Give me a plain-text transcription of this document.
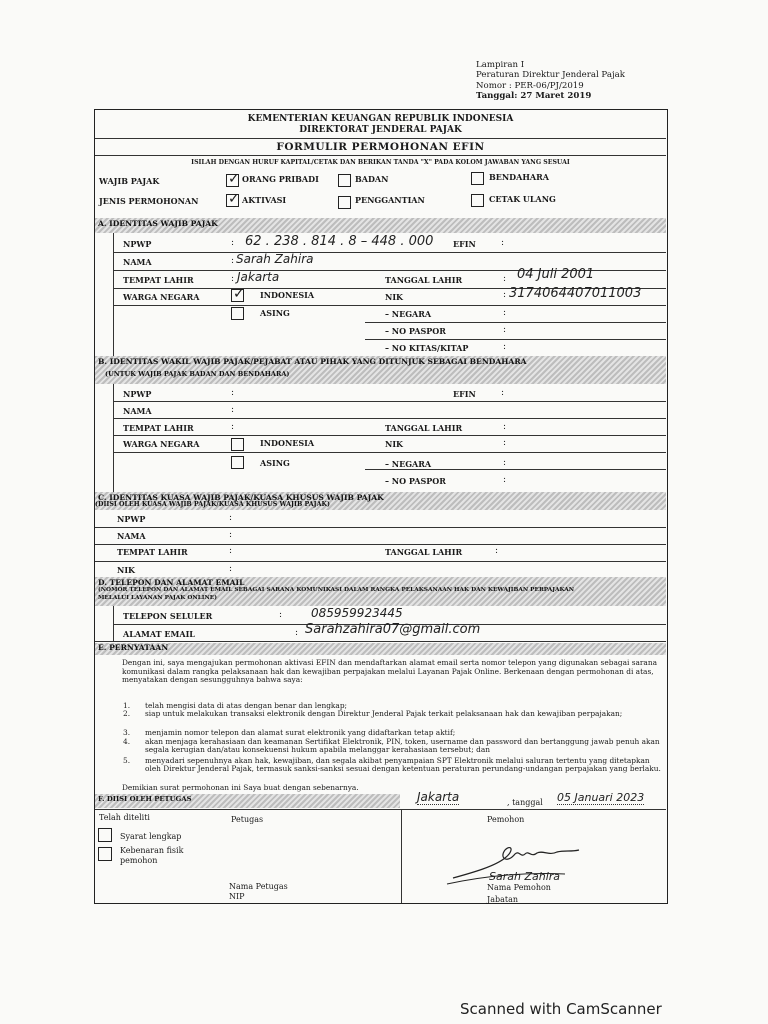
Lampiran I
Peraturan Direktur Jenderal Pajak
Nomor : PER-06/PJ/2019
Tanggal: 27 Maret 2019
KEMENTERIAN KEUANGAN REPUBLIK INDONESIA
DIREKTORAT JENDERAL PAJAK
FORMULIR PERMOHONAN EFIN
ISILAH DENGAN HURUF KAPITAL/CETAK DAN BERIKAN TANDA "X" PADA KOLOM JAWABAN YANG SESUAI
WAJIB PAJAK	✓ ORANG PRIBADI	BADAN	BENDAHARA
JENIS PERMOHONAN ✓ AKTIVASI	PENGGANTIAN	CETAK ULANG
A. IDENTITAS WAJIB PAJAK
NPWP	: 62 . 238 . 814 . 8 – 448 . 000 EFIN	:
NAMA	: Sarah Zahira
TEMPAT LAHIR	: Jakarta	TANGGAL LAHIR	: 04 Juli 2001
WARGA NEGARA ✓ INDONESIA	NIK	: 3174064407011003
ASING	– NEGARA	:
– NO PASPOR	:
– NO KITAS/KITAP	:
B. IDENTITAS WAKIL WAJIB PAJAK/PEJABAT ATAU PIHAK YANG DITUNJUK SEBAGAI BENDAHARA
(UNTUK WAJIB PAJAK BADAN DAN BENDAHARA)
NPWP	:	EFIN	:
NAMA	:
TEMPAT LAHIR	:	TANGGAL LAHIR	:
WARGA NEGARA	INDONESIA	NIK	:
ASING	– NEGARA	:
– NO PASPOR	:
C. IDENTITAS KUASA WAJIB PAJAK/KUASA KHUSUS WAJIB PAJAK
(DIISI OLEH KUASA WAJIB PAJAK/KUASA KHUSUS WAJIB PAJAK)
NPWP	:
NAMA	:
TEMPAT LAHIR	:	TANGGAL LAHIR	:
NIK	:
D. TELEPON DAN ALAMAT EMAIL
(NOMOR TELEPON DAN ALAMAT EMAIL SEBAGAI SARANA KOMUNIKASI DALAM RANGKA PELAKSANAAN HAK DAN KEWAJIBAN PERPAJAKAN
MELALUI LAYANAN PAJAK ONLINE)
TELEPON SELULER	: 085959923445
ALAMAT EMAIL	: Sarahzahira07@gmail.com
E. PERNYATAAN
Dengan ini, saya mengajukan permohonan aktivasi EFIN dan mendaftarkan alamat email serta nomor telepon yang digunakan sebagai sarana komunikasi dalam rangka pelaksanaan hak dan kewajiban perpajakan melalui Layanan Pajak Online. Berkenaan dengan permohonan di atas, menyatakan dengan sesungguhnya bahwa saya:
1. telah mengisi data di atas dengan benar dan lengkap;
2. siap untuk melakukan transaksi elektronik dengan Direktur Jenderal Pajak terkait pelaksanaan hak dan kewajiban perpajakan;
3. menjamin nomor telepon dan alamat surat elektronik yang didaftarkan tetap aktif;
4. akan menjaga kerahasiaan dan keamanan Sertifikat Elektronik, PIN, token, username dan password dan bertanggung jawab penuh akan segala kerugian dan/atau konsekuensi hukum apabila melanggar kerahasiaan tersebut; dan
5. menyadari sepenuhnya akan hak, kewajiban, dan segala akibat penyampaian SPT Elektronik melalui saluran tertentu yang ditetapkan oleh Direktur Jenderal Pajak, termasuk sanksi-sanksi sesuai dengan ketentuan peraturan perundang-undangan perpajakan yang berlaku.
Demikian surat permohonan ini Saya buat dengan sebenarnya.
F. DIISI OLEH PETUGAS	Jakarta	, tanggal 05 Januari 2023
Telah diteliti	Petugas	Pemohon
Syarat lengkap
Kebenaran fisik
pemohon
Nama Petugas
NIP
Sarah Zahira
Nama Pemohon
Jabatan
Scanned with CamScanner
